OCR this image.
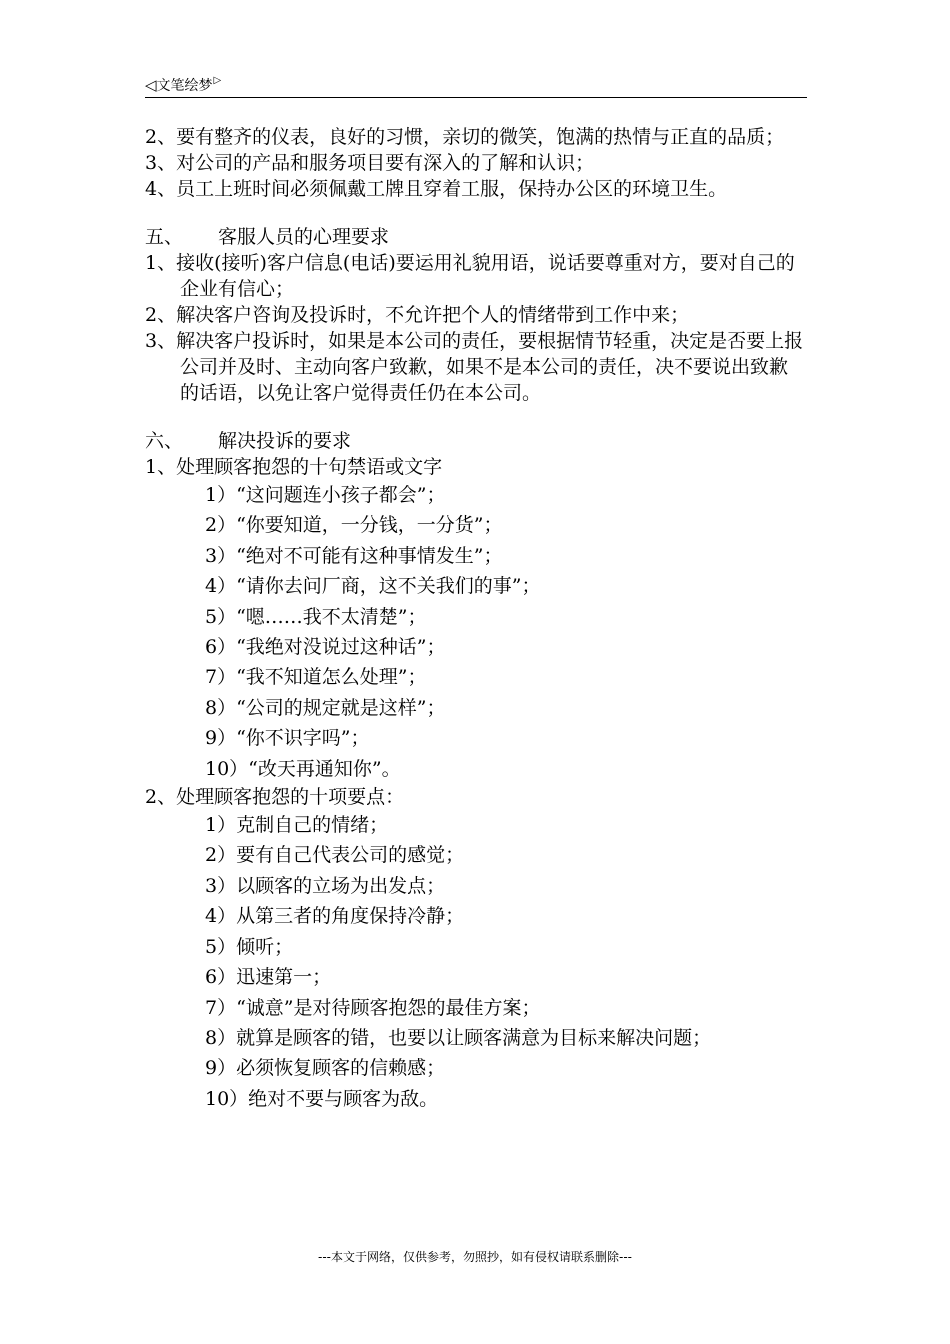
◁ 文笔绘梦 ▷
2、要有整齐的仪表，良好的习惯，亲切的微笑，饱满的热情与正直的品质；
3、对公司的产品和服务项目要有深入的了解和认识；
4、员工上班时间必须佩戴工牌且穿着工服，保持办公区的环境卫生。
五、 客服人员的心理要求
1、接收(接听)客户信息(电话)要运用礼貌用语，说话要尊重对方，要对自己的企业有信心；
2、解决客户咨询及投诉时，不允许把个人的情绪带到工作中来；
3、解决客户投诉时，如果是本公司的责任，要根据情节轻重，决定是否要上报公司并及时、主动向客户致歉，如果不是本公司的责任，决不要说出致歉的话语，以免让客户觉得责任仍在本公司。
六、 解决投诉的要求
1、处理顾客抱怨的十句禁语或文字
1）“这问题连小孩子都会”；
2）“你要知道，一分钱，一分货”；
3）“绝对不可能有这种事情发生”；
4）“请你去问厂商，这不关我们的事”；
5）“嗯……我不太清楚”；
6）“我绝对没说过这种话”；
7）“我不知道怎么处理”；
8）“公司的规定就是这样”；
9）“你不识字吗”；
10）“改天再通知你”。
2、处理顾客抱怨的十项要点：
1）克制自己的情绪；
2）要有自己代表公司的感觉；
3）以顾客的立场为出发点；
4）从第三者的角度保持冷静；
5）倾听；
6）迅速第一；
7）“诚意”是对待顾客抱怨的最佳方案；
8）就算是顾客的错，也要以让顾客满意为目标来解决问题；
9）必须恢复顾客的信赖感；
10）绝对不要与顾客为敌。
---本文于网络，仅供参考，勿照抄，如有侵权请联系删除---
